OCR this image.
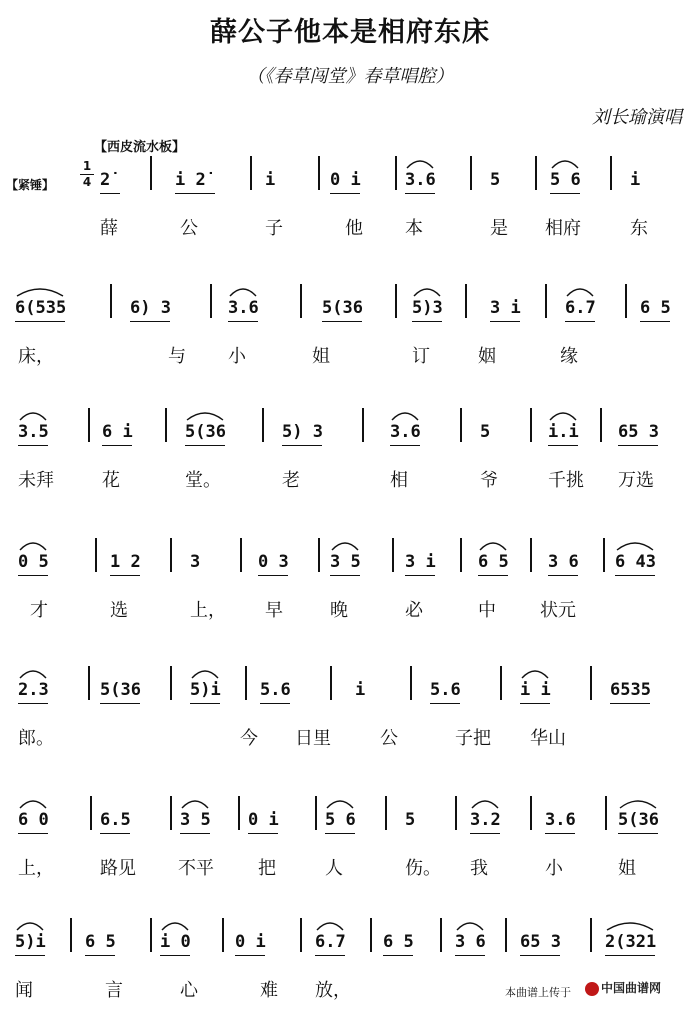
薛公子他本是相府东床
（《春草闯堂》春草唱腔）
刘长瑜演唱
【西皮流水板】
【紧锤】
1
4 2̇	i 2̇	i	0 i	3.6	5	5 6	i
薛	公	子	他 本	是 相府	东
6(535	6) 3	3.6	5(36	5)3	3 i	6.7	6 5
床，	与 小	姐	订	姻	缘
3.5	6 i	5(36	5) 3	3.6	5	i.i 65 3
未拜	花	堂。	老	相	爷	千挑 万选
0 5	1 2	3	0 3 3 5	3 i 6 5 3 6 6 43
才	选	上， 早	晚	必	中 状元
2.3	5(36	5)i 5.6	i	5.6	i i	6535
郎。	今 日里	公	子把 华山
6 0	6.5	3 5 0 i	5 6	5	3.2	3.6 5(36
上，	路见 不平 把	人	伤。 我	小	姐
5)i 6 5	i 0	0 i	6.7 6 5 3 6 65 3	2(321
闻	言	心	难 放，	本曲谱上传于	中国曲谱网
